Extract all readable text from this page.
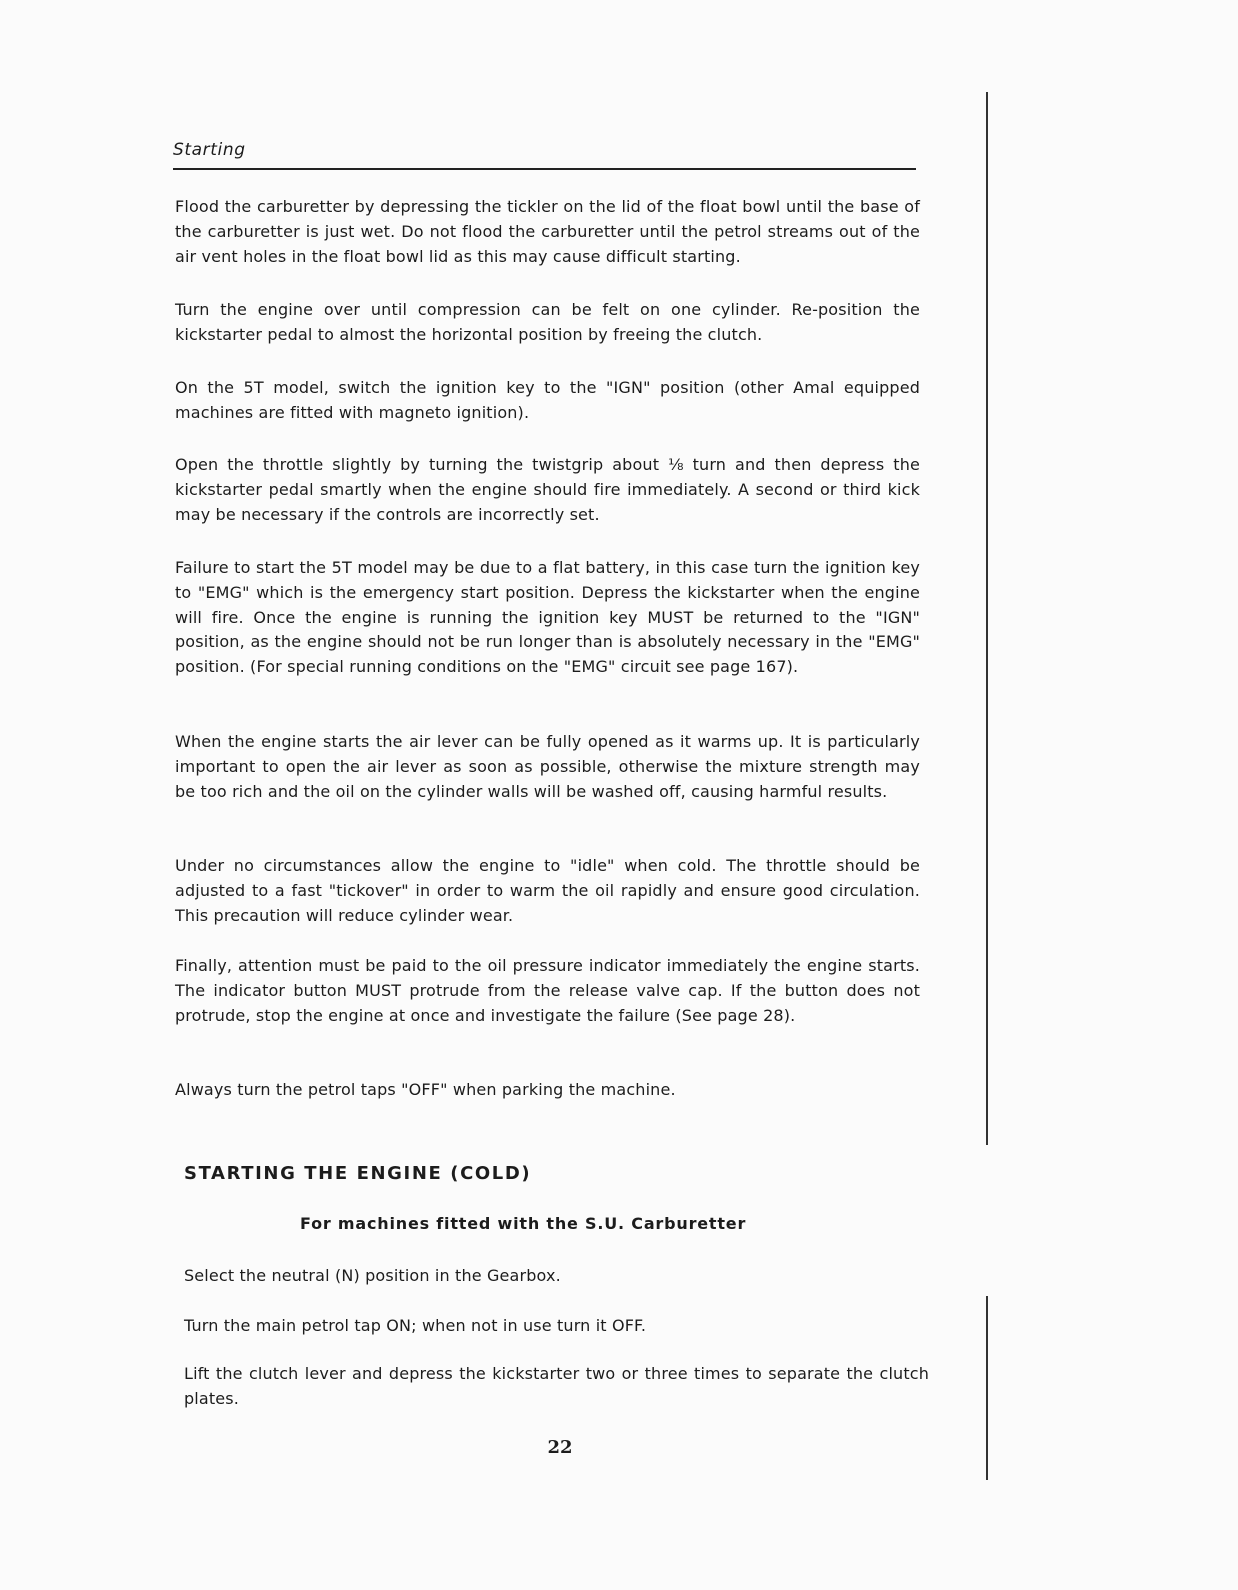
Starting

Flood the carburetter by depressing the tickler on the lid of the float bowl until the base of the carburetter is just wet. Do not flood the carburetter until the petrol streams out of the air vent holes in the float bowl lid as this may cause difficult starting.

Turn the engine over until compression can be felt on one cylinder. Re-position the kickstarter pedal to almost the horizontal position by freeing the clutch.

On the 5T model, switch the ignition key to the "IGN" position (other Amal equipped machines are fitted with magneto ignition).

Open the throttle slightly by turning the twistgrip about ⅛ turn and then depress the kickstarter pedal smartly when the engine should fire immediately. A second or third kick may be necessary if the controls are incorrectly set.

Failure to start the 5T model may be due to a flat battery, in this case turn the ignition key to "EMG" which is the emergency start position. Depress the kickstarter when the engine will fire. Once the engine is running the ignition key MUST be returned to the "IGN" position, as the engine should not be run longer than is absolutely necessary in the "EMG" position. (For special running conditions on the "EMG" circuit see page 167).

When the engine starts the air lever can be fully opened as it warms up. It is particularly important to open the air lever as soon as possible, otherwise the mixture strength may be too rich and the oil on the cylinder walls will be washed off, causing harmful results.

Under no circumstances allow the engine to "idle" when cold. The throttle should be adjusted to a fast "tickover" in order to warm the oil rapidly and ensure good circulation. This precaution will reduce cylinder wear.

Finally, attention must be paid to the oil pressure indicator immediately the engine starts. The indicator button MUST protrude from the release valve cap. If the button does not protrude, stop the engine at once and investigate the failure (See page 28).

Always turn the petrol taps "OFF" when parking the machine.

STARTING THE ENGINE (COLD)
For machines fitted with the S.U. Carburetter

Select the neutral (N) position in the Gearbox.

Turn the main petrol tap ON; when not in use turn it OFF.

Lift the clutch lever and depress the kickstarter two or three times to separate the clutch plates.

22
